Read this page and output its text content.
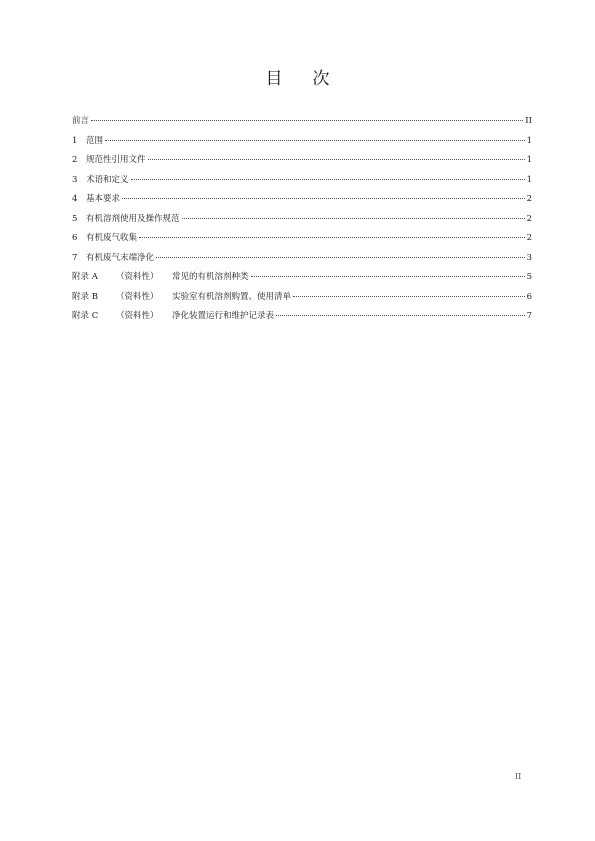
目次
前言	II
1	范围	1
2	规范性引用文件	1
3	术语和定义	1
4	基本要求	2
5	有机溶剂使用及操作规范	2
6	有机废气收集	2
7	有机废气末端净化	3
附录 A	（资料性）	常见的有机溶剂种类	5
附录 B	（资料性）	实验室有机溶剂购置、使用清单	6
附录 C	（资料性）	净化装置运行和维护记录表	7
II
